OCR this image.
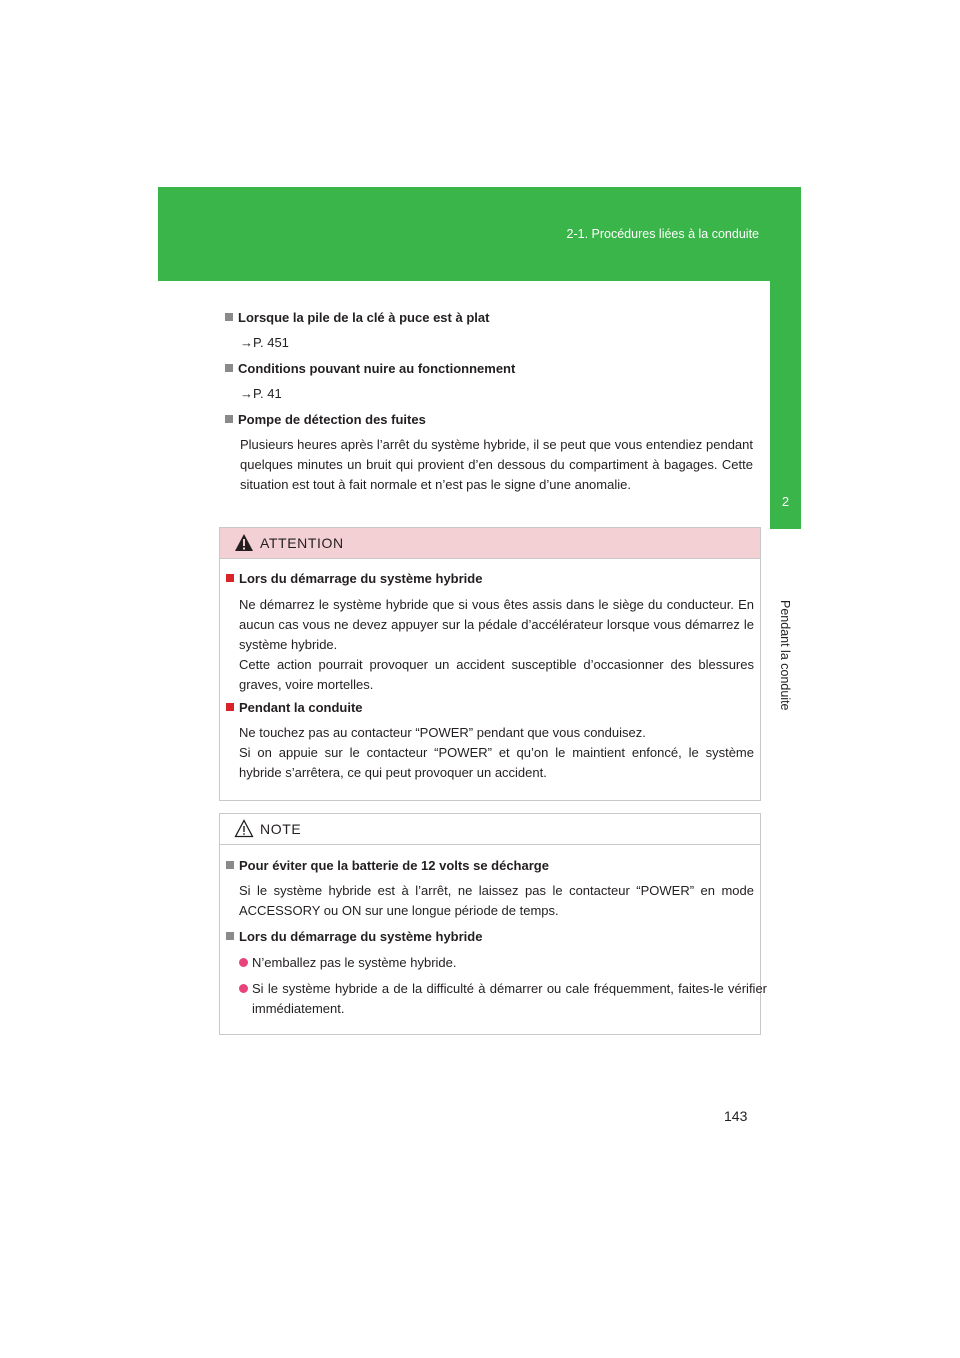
2-1. Procédures liées à la conduite
2
Pendant la conduite
Lorsque la pile de la clé à puce est à plat
→P. 451
Conditions pouvant nuire au fonctionnement
→P. 41
Pompe de détection des fuites
Plusieurs heures après l’arrêt du système hybride, il se peut que vous entendiez pendant quelques minutes un bruit qui provient d’en dessous du compartiment à bagages. Cette situation est tout à fait normale et n’est pas le signe d’une anomalie.
ATTENTION
Lors du démarrage du système hybride
Ne démarrez le système hybride que si vous êtes assis dans le siège du conducteur. En aucun cas vous ne devez appuyer sur la pédale d’accélérateur lorsque vous démarrez le système hybride.
Cette action pourrait provoquer un accident susceptible d’occasionner des blessures graves, voire mortelles.
Pendant la conduite
Ne touchez pas au contacteur “POWER” pendant que vous conduisez.
Si on appuie sur le contacteur “POWER” et qu’on le maintient enfoncé, le système hybride s’arrêtera, ce qui peut provoquer un accident.
NOTE
Pour éviter que la batterie de 12 volts se décharge
Si le système hybride est à l’arrêt, ne laissez pas le contacteur “POWER” en mode ACCESSORY ou ON sur une longue période de temps.
Lors du démarrage du système hybride
N’emballez pas le système hybride.
Si le système hybride a de la difficulté à démarrer ou cale fréquemment, faites-le vérifier immédiatement.
143
